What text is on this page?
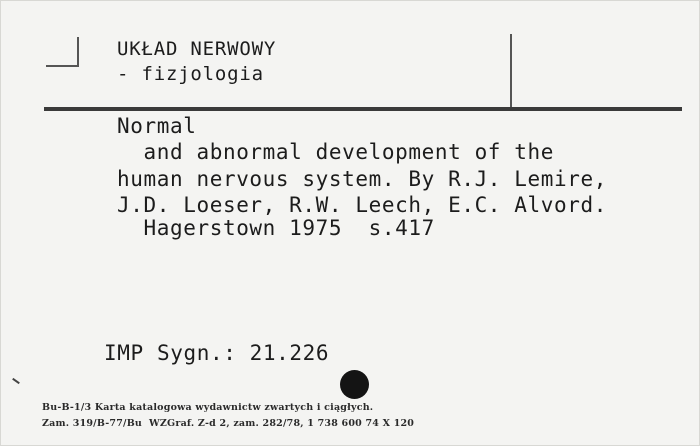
UKŁAD NERWOWY
- fizjologia
Normal
and abnormal development of the
human nervous system. By R.J. Lemire,
J.D. Loeser, R.W. Leech, E.C. Alvord.
Hagerstown 1975  s.417
IMP Sygn.: 21.226
Bu-B-1/3 Karta katalogowa wydawnictw zwartych i ciągłych.
Zam. 319/B-77/Bu  WZGraf. Z-d 2, zam. 282/78, 1 738 600 74 X 120
